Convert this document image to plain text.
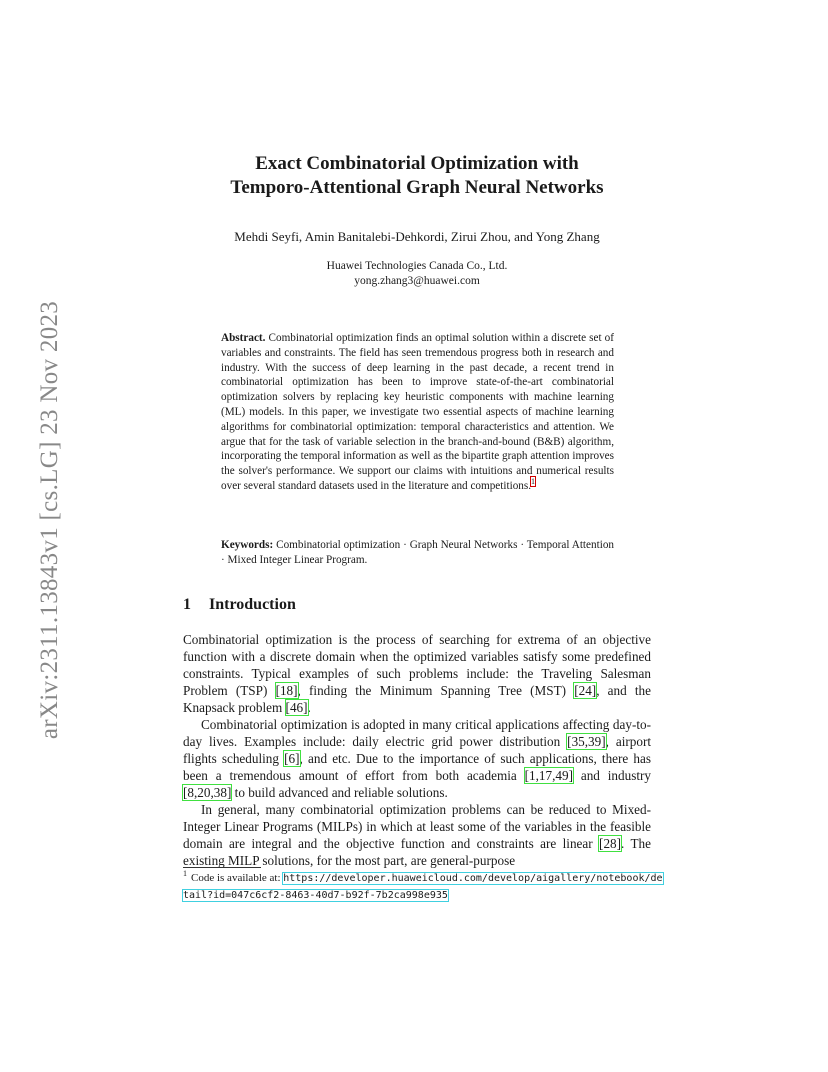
arXiv:2311.13843v1 [cs.LG] 23 Nov 2023
Exact Combinatorial Optimization with
Temporo-Attentional Graph Neural Networks

Mehdi Seyfi, Amin Banitalebi-Dehkordi, Zirui Zhou, and Yong Zhang

Huawei Technologies Canada Co., Ltd.
yong.zhang3@huawei.com

Abstract. Combinatorial optimization finds an optimal solution within a discrete set of variables and constraints. The field has seen tremendous progress both in research and industry. With the success of deep learning in the past decade, a recent trend in combinatorial optimization has been to improve state-of-the-art combinatorial optimization solvers by replacing key heuristic components with machine learning (ML) models. In this paper, we investigate two essential aspects of machine learning algorithms for combinatorial optimization: temporal characteristics and attention. We argue that for the task of variable selection in the branch-and-bound (B&B) algorithm, incorporating the temporal information as well as the bipartite graph attention improves the solver's performance. We support our claims with intuitions and numerical results over several standard datasets used in the literature and competitions.$^1$

Keywords: Combinatorial optimization · Graph Neural Networks · Temporal Attention · Mixed Integer Linear Program.

1 Introduction

Combinatorial optimization is the process of searching for extrema of an objective function with a discrete domain when the optimized variables satisfy some predefined constraints. Typical examples of such problems include: the Traveling Salesman Problem (TSP) [18], finding the Minimum Spanning Tree (MST) [24], and the Knapsack problem [46].

Combinatorial optimization is adopted in many critical applications affecting day-to-day lives. Examples include: daily electric grid power distribution [35,39], airport flights scheduling [6], and etc. Due to the importance of such applications, there has been a tremendous amount of effort from both academia [1,17,49] and industry [8,20,38] to build advanced and reliable solutions.

In general, many combinatorial optimization problems can be reduced to Mixed-Integer Linear Programs (MILPs) in which at least some of the variables in the feasible domain are integral and the objective function and constraints are linear [28]. The existing MILP solutions, for the most part, are general-purpose

$^1$ Code is available at: https://developer.huaweicloud.com/develop/aigallery/notebook/detail?id=047c6cf2-8463-40d7-b92f-7b2ca998e935
